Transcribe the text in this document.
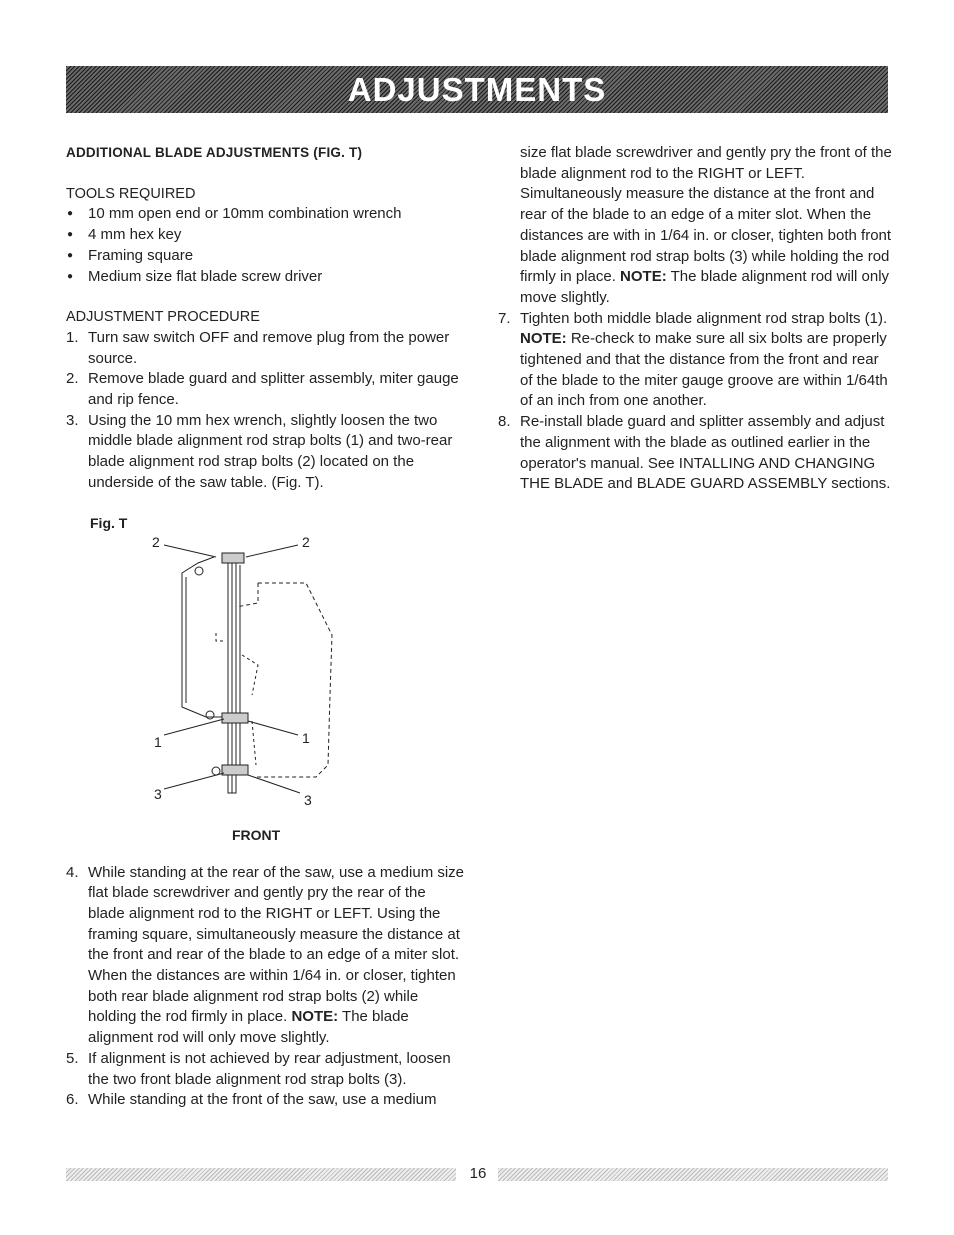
ADJUSTMENTS
ADDITIONAL BLADE ADJUSTMENTS (FIG. T)
TOOLS REQUIRED
● 10 mm open end or 10mm combination wrench
● 4 mm hex key
● Framing square
● Medium size flat blade screw driver
ADJUSTMENT PROCEDURE
1. Turn saw switch OFF and remove plug from the power source.
2. Remove blade guard and splitter assembly, miter gauge and rip fence.
3. Using the 10 mm hex wrench, slightly loosen the two middle blade alignment rod strap bolts (1) and two-rear blade alignment rod strap bolts (2) located on the underside of the saw table. (Fig. T).
4. While standing at the rear of the saw, use a medium size flat blade screwdriver and gently pry the rear of the blade alignment rod to the RIGHT or LEFT. Using the framing square, simultaneously measure the distance at the front and rear of the blade to an edge of a miter slot. When the distances are within 1/64 in. or closer, tighten both rear blade alignment rod strap bolts (2) while holding the rod firmly in place. NOTE: The blade alignment rod will only move slightly.
5. If alignment is not achieved by rear adjustment, loosen the two front blade alignment rod strap bolts (3).
6. While standing at the front of the saw, use a medium
Fig. T
2	2
1	1
3	3
FRONT
size flat blade screwdriver and gently pry the front of the blade alignment rod to the RIGHT or LEFT. Simultaneously measure the distance at the front and rear of the blade to an edge of a miter slot. When the distances are with in 1/64 in. or closer, tighten both front blade alignment rod strap bolts (3) while holding the rod firmly in place. NOTE: The blade alignment rod will only move slightly.
7. Tighten both middle blade alignment rod strap bolts (1). NOTE: Re-check to make sure all six bolts are properly tightened and that the distance from the front and rear of the blade to the miter gauge groove are within 1/64th of an inch from one another.
8. Re-install blade guard and splitter assembly and adjust the alignment with the blade as outlined earlier in the operator's manual. See INTALLING AND CHANGING THE BLADE and BLADE GUARD ASSEMBLY sections.
16
